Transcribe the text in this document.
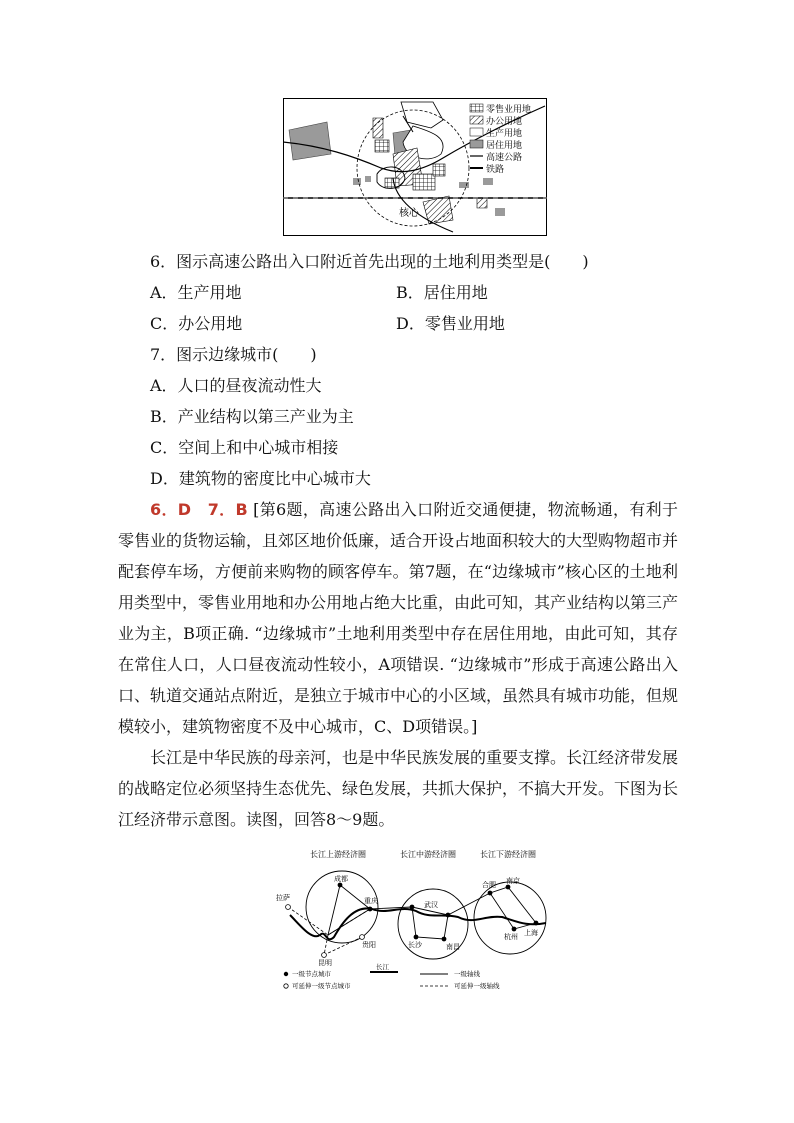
零售业用地
办公用地
生产用地
居住用地
高速公路
铁路
核心
6．图示高速公路出入口附近首先出现的土地利用类型是(　　)
A．生产用地	B．居住用地
C．办公用地	D．零售业用地
7．图示边缘城市(　　)
A．人口的昼夜流动性大
B．产业结构以第三产业为主
C．空间上和中心城市相接
D．建筑物的密度比中心城市大
6．D　7．B [第6题，高速公路出入口附近交通便捷，物流畅通，有利于零售业的货物运输，且郊区地价低廉，适合开设占地面积较大的大型购物超市并配套停车场，方便前来购物的顾客停车。第7题，在“边缘城市”核心区的土地利用类型中，零售业用地和办公用地占绝大比重，由此可知，其产业结构以第三产业为主，B项正确. “边缘城市”土地利用类型中存在居住用地，由此可知，其存在常住人口，人口昼夜流动性较小，A项错误. “边缘城市”形成于高速公路出入口、轨道交通站点附近，是独立于城市中心的小区域，虽然具有城市功能，但规模较小，建筑物密度不及中心城市，C、D项错误。]
长江是中华民族的母亲河，也是中华民族发展的重要支撑。长江经济带发展的战略定位必须坚持生态优先、绿色发展，共抓大保护，不搞大开发。下图为长江经济带示意图。读图，回答8～9题。
长江上游经济圈	长江中游经济圈	长江下游经济圈
成都
拉萨	重庆	武汉
合肥 南京
上海
杭州
南昌
长沙
贵阳
昆明
一级节点城市
长江
一级轴线
可延伸一级节点城市	可延伸一级轴线
